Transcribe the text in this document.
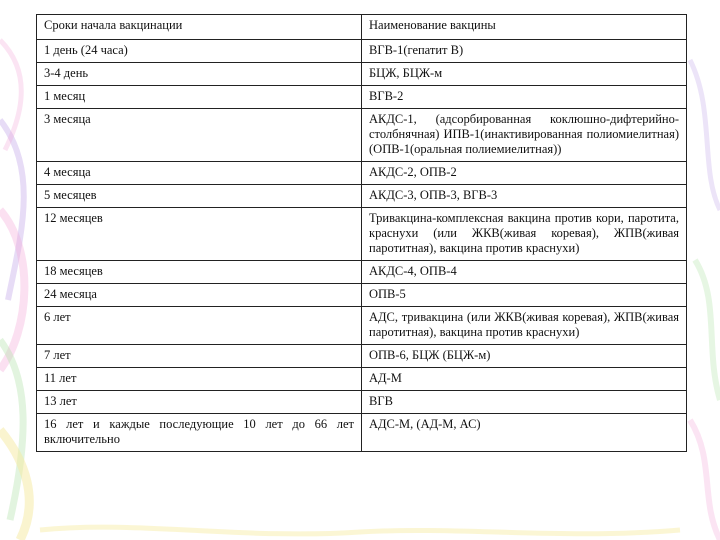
Сроки начала вакцинации	Наименование вакцины
1 день (24 часа)	ВГВ-1(гепатит В)
3-4 день	БЦЖ, БЦЖ-м
1 месяц	ВГВ-2
3 месяца	АКДС-1, (адсорбированная коклюшно-дифтерийно-столбнячная) ИПВ-1(инактивированная полиомиелитная)(ОПВ-1(оральная полиемиелитная))
4 месяца	АКДС-2, ОПВ-2
5 месяцев	АКДС-3, ОПВ-3, ВГВ-3
12 месяцев	Тривакцина-комплексная вакцина против кори, паротита, краснухи (или ЖКВ(живая коревая), ЖПВ(живая паротитная), вакцина против краснухи)
18 месяцев	АКДС-4, ОПВ-4
24 месяца	ОПВ-5
6 лет	АДС, тривакцина (или ЖКВ(живая коревая), ЖПВ(живая паротитная), вакцина против краснухи)
7 лет	ОПВ-6, БЦЖ (БЦЖ-м)
11 лет	АД-М
13 лет	ВГВ
16 лет и каждые последующие 10 лет до 66 лет включительно	АДС-М, (АД-М, АС)
